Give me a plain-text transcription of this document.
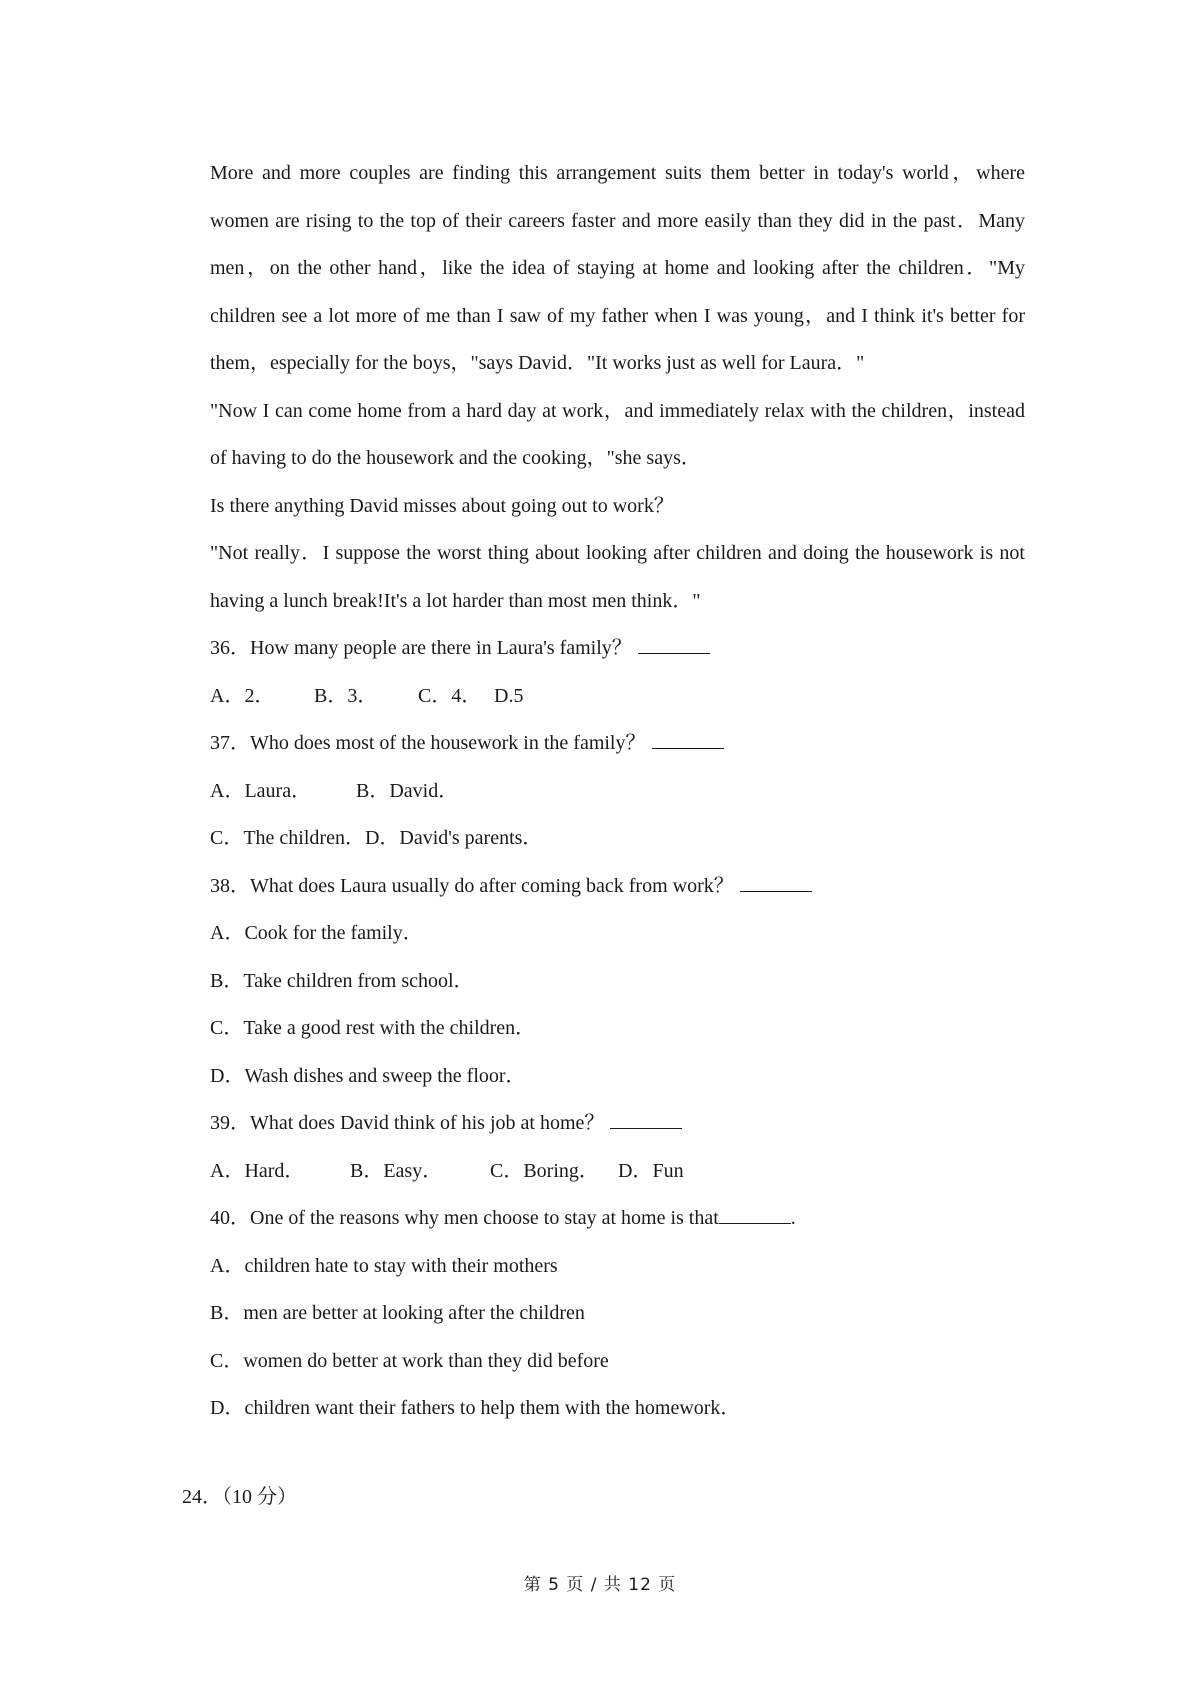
More and more couples are finding this arrangement suits them better in today's world，where women are rising to the top of their careers faster and more easily than they did in the past．Many men，on the other hand，like the idea of staying at home and looking after the children．"My children see a lot more of me than I saw of my father when I was young，and I think it's better for them，especially for the boys，"says David．"It works just as well for Laura．"
"Now I can come home from a hard day at work，and immediately relax with the children，instead of having to do the housework and the cooking，"she says．
Is there anything David misses about going out to work？
"Not really．I suppose the worst thing about looking after children and doing the housework is not having a lunch break!It's a lot harder than most men think．"
36．How many people are there in Laura's family？
A．2． B．3． C．4． D.5
37．Who does most of the housework in the family？
A．Laura． B．David．
C．The children．D．David's parents．
38．What does Laura usually do after coming back from work？
A．Cook for the family．
B．Take children from school．
C．Take a good rest with the children．
D．Wash dishes and sweep the floor．
39．What does David think of his job at home？
A．Hard． B．Easy． C．Boring． D．Fun
40．One of the reasons why men choose to stay at home is that	.
A．children hate to stay with their mothers
B．men are better at looking after the children
C．women do better at work than they did before
D．children want their fathers to help them with the homework．
24．（10 分）
第 5 页 / 共 12 页
